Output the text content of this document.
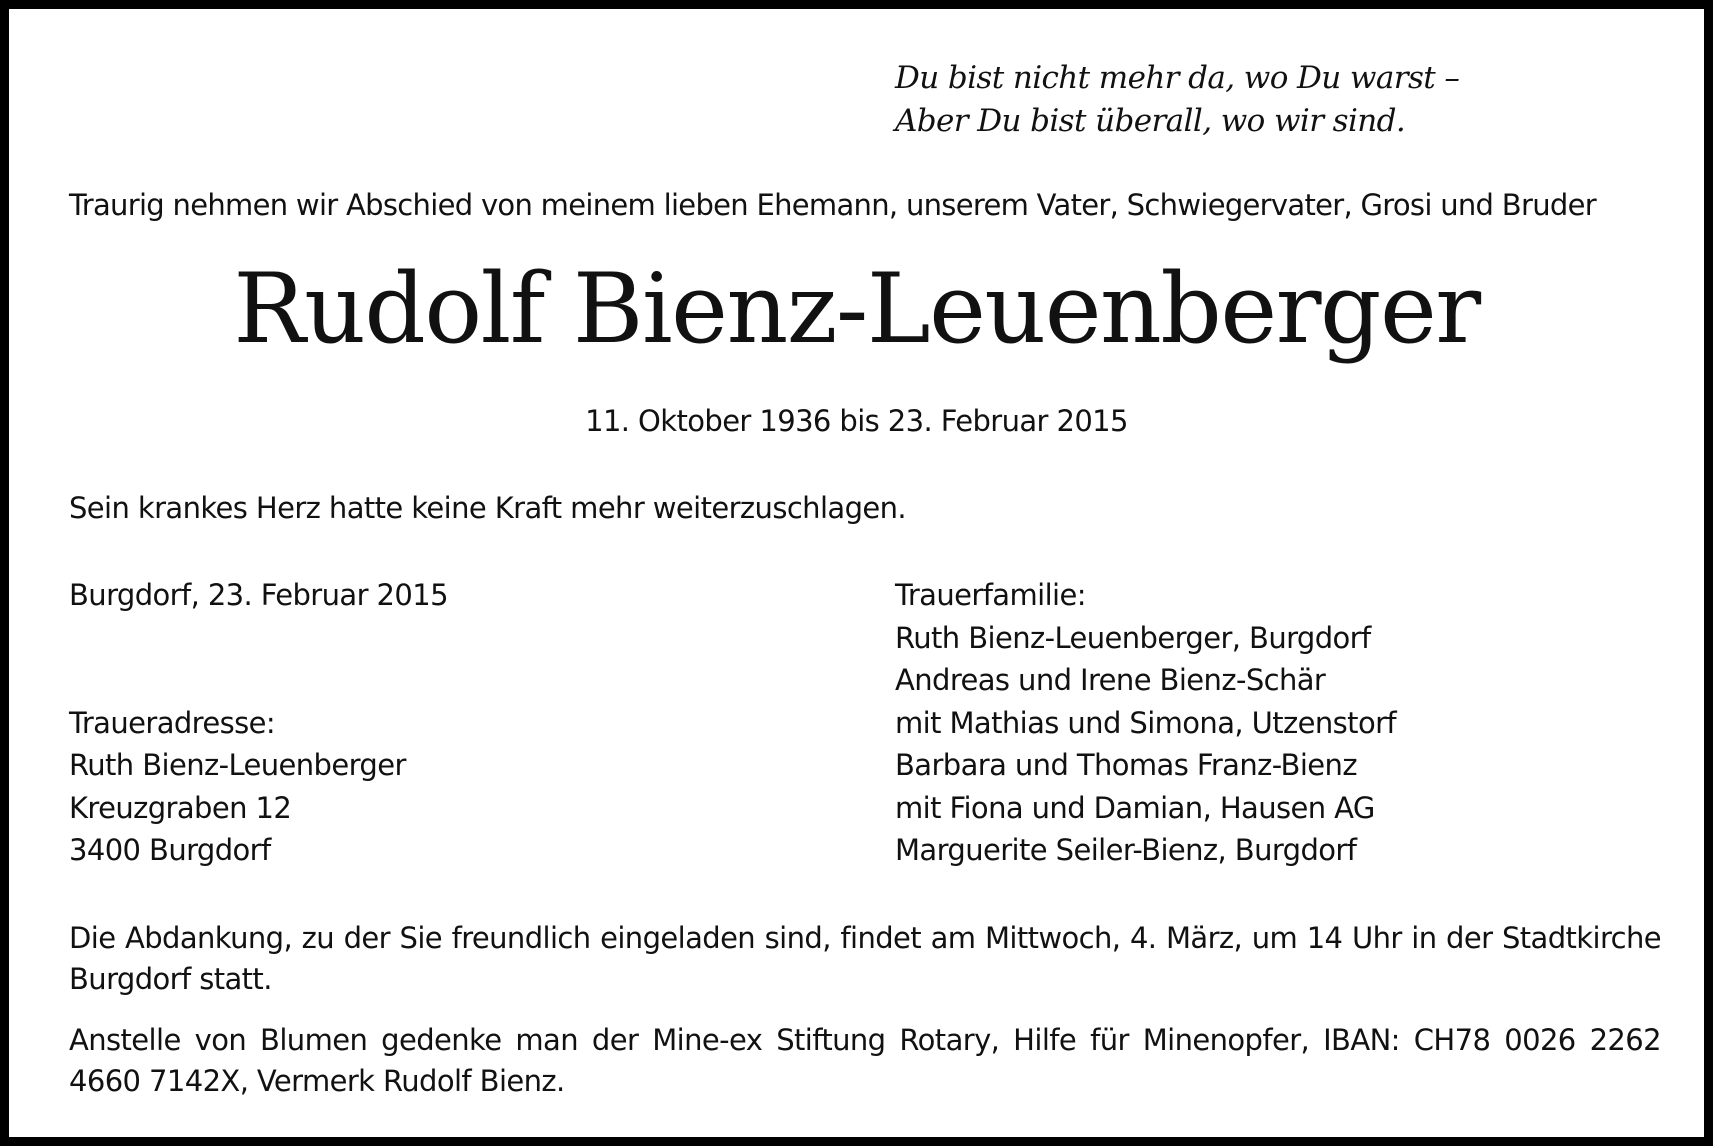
Du bist nicht mehr da, wo Du warst –
Aber Du bist überall, wo wir sind.
Traurig nehmen wir Abschied von meinem lieben Ehemann, unserem Vater, Schwiegervater, Grosi und Bruder
Rudolf Bienz-Leuenberger
11. Oktober 1936 bis 23. Februar 2015
Sein krankes Herz hatte keine Kraft mehr weiterzuschlagen.
Burgdorf, 23. Februar 2015
Traueradresse:
Ruth Bienz-Leuenberger
Kreuzgraben 12
3400 Burgdorf
Trauerfamilie:
Ruth Bienz-Leuenberger, Burgdorf
Andreas und Irene Bienz-Schär
mit Mathias und Simona, Utzenstorf
Barbara und Thomas Franz-Bienz
mit Fiona und Damian, Hausen AG
Marguerite Seiler-Bienz, Burgdorf
Die Abdankung, zu der Sie freundlich eingeladen sind, findet am Mittwoch, 4. März, um 14 Uhr in der Stadtkirche Burgdorf statt.
Anstelle von Blumen gedenke man der Mine-ex Stiftung Rotary, Hilfe für Minenopfer, IBAN: CH78 0026 2262 4660 7142X, Vermerk Rudolf Bienz.
